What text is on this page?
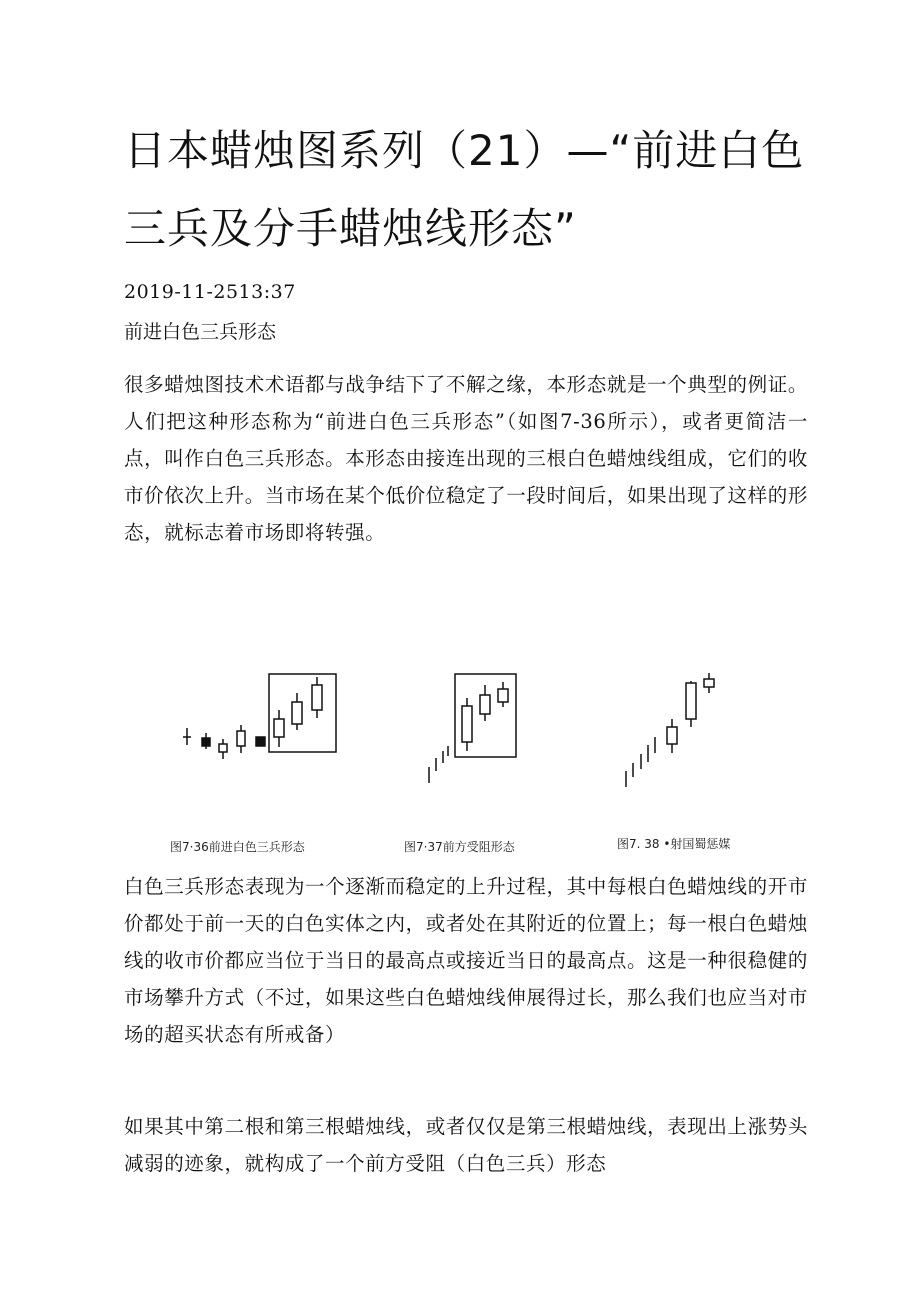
日本蜡烛图系列（21）—“前进白色三兵及分手蜡烛线形态”
2019-11-2513:37
前进白色三兵形态

很多蜡烛图技术术语都与战争结下了不解之缘，本形态就是一个典型的例证。人们把这种形态称为“前进白色三兵形态”（如图7-36所示），或者更简洁一点，叫作白色三兵形态。本形态由接连出现的三根白色蜡烛线组成，它们的收市价依次上升。当市场在某个低价位稳定了一段时间后，如果出现了这样的形态，就标志着市场即将转强。

图7·36前进白色三兵形态	图7·37前方受阻形态	图7. 38 •射国蜀惩媒

白色三兵形态表现为一个逐渐而稳定的上升过程，其中每根白色蜡烛线的开市价都处于前一天的白色实体之内，或者处在其附近的位置上；每一根白色蜡烛线的收市价都应当位于当日的最高点或接近当日的最高点。这是一种很稳健的市场攀升方式（不过，如果这些白色蜡烛线伸展得过长，那么我们也应当对市场的超买状态有所戒备）

如果其中第二根和第三根蜡烛线，或者仅仅是第三根蜡烛线，表现出上涨势头减弱的迹象，就构成了一个前方受阻（白色三兵）形态
